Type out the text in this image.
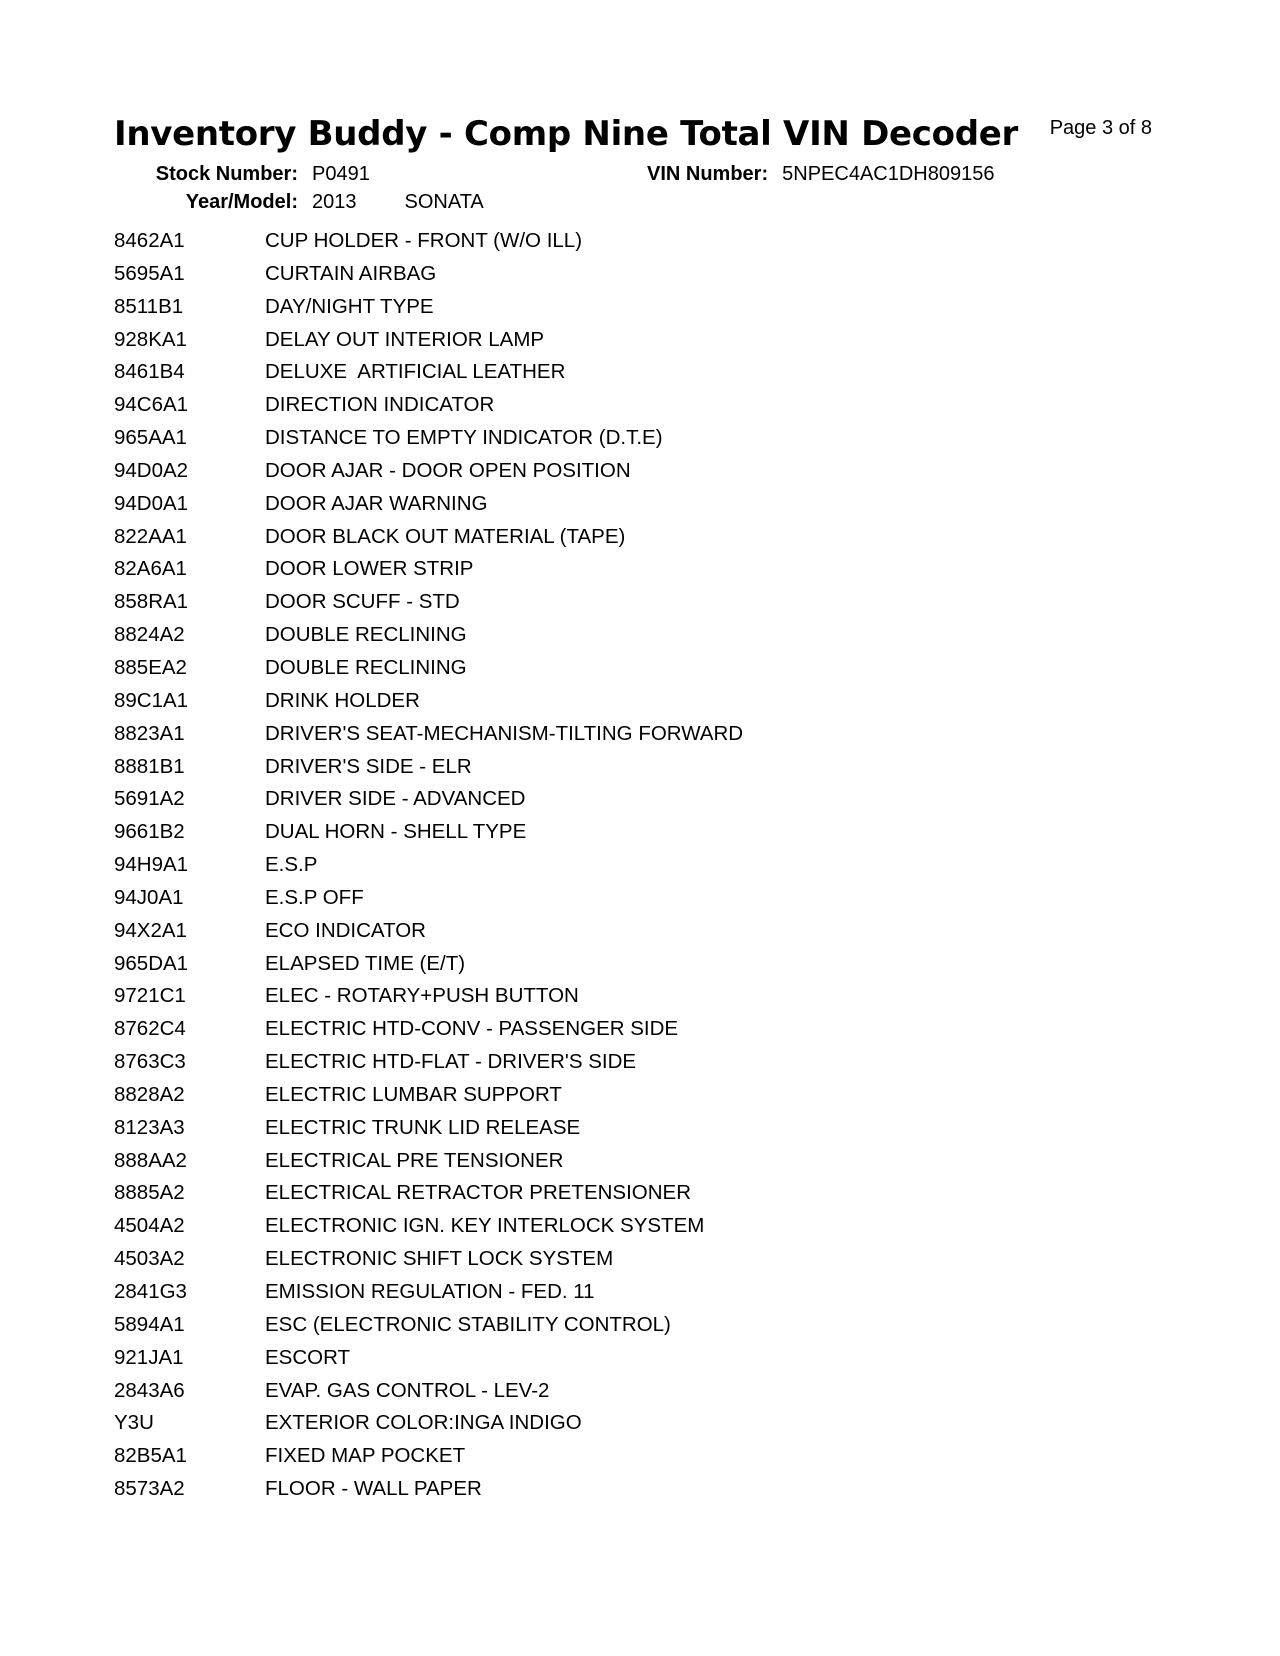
Inventory Buddy - Comp Nine Total VIN Decoder Page 3 of 8
Stock Number: P0491	VIN Number: 5NPEC4AC1DH809156
Year/Model: 2013 SONATA
8462A1	CUP HOLDER - FRONT (W/O ILL)
5695A1	CURTAIN AIRBAG
8511B1	DAY/NIGHT TYPE
928KA1	DELAY OUT INTERIOR LAMP
8461B4	DELUXE  ARTIFICIAL LEATHER
94C6A1	DIRECTION INDICATOR
965AA1	DISTANCE TO EMPTY INDICATOR (D.T.E)
94D0A2	DOOR AJAR - DOOR OPEN POSITION
94D0A1	DOOR AJAR WARNING
822AA1	DOOR BLACK OUT MATERIAL (TAPE)
82A6A1	DOOR LOWER STRIP
858RA1	DOOR SCUFF - STD
8824A2	DOUBLE RECLINING
885EA2	DOUBLE RECLINING
89C1A1	DRINK HOLDER
8823A1	DRIVER'S SEAT-MECHANISM-TILTING FORWARD
8881B1	DRIVER'S SIDE - ELR
5691A2	DRIVER SIDE - ADVANCED
9661B2	DUAL HORN - SHELL TYPE
94H9A1	E.S.P
94J0A1	E.S.P OFF
94X2A1	ECO INDICATOR
965DA1	ELAPSED TIME (E/T)
9721C1	ELEC - ROTARY+PUSH BUTTON
8762C4	ELECTRIC HTD-CONV - PASSENGER SIDE
8763C3	ELECTRIC HTD-FLAT - DRIVER'S SIDE
8828A2	ELECTRIC LUMBAR SUPPORT
8123A3	ELECTRIC TRUNK LID RELEASE
888AA2	ELECTRICAL PRE TENSIONER
8885A2	ELECTRICAL RETRACTOR PRETENSIONER
4504A2	ELECTRONIC IGN. KEY INTERLOCK SYSTEM
4503A2	ELECTRONIC SHIFT LOCK SYSTEM
2841G3	EMISSION REGULATION - FED. 11
5894A1	ESC (ELECTRONIC STABILITY CONTROL)
921JA1	ESCORT
2843A6	EVAP. GAS CONTROL - LEV-2
Y3U	EXTERIOR COLOR:INGA INDIGO
82B5A1	FIXED MAP POCKET
8573A2	FLOOR - WALL PAPER
